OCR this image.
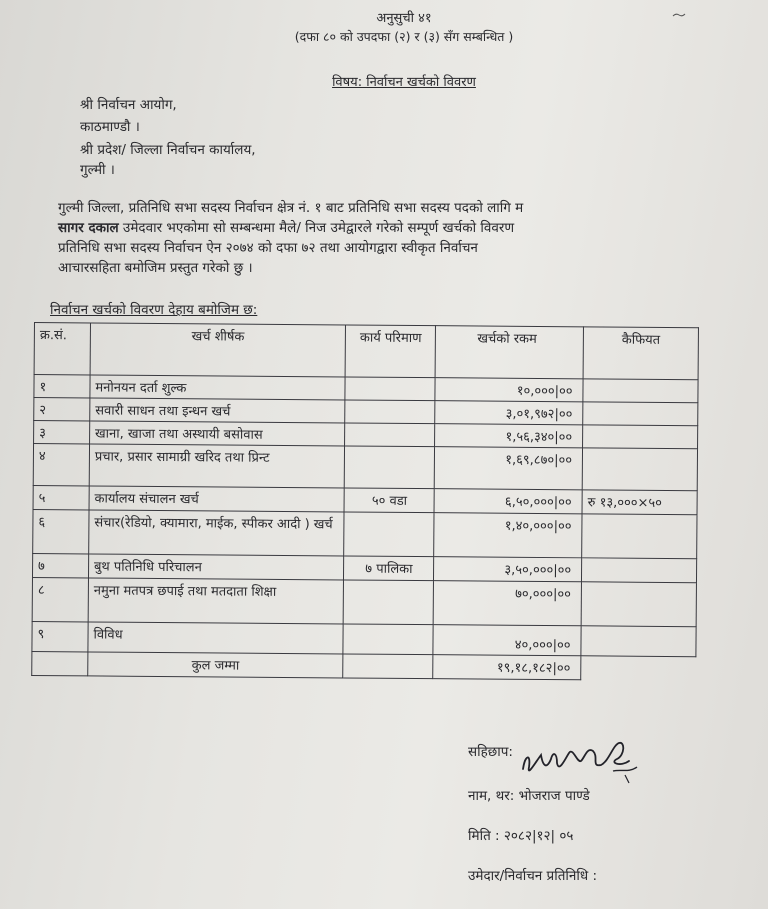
अनुसुची ४१
(दफा ८० को उपदफा (२) र (३) सँग सम्बन्धित )
विषय: निर्वाचन खर्चको विवरण
श्री निर्वाचन आयोग,
काठमाण्डौ ।
श्री प्रदेश/ जिल्ला निर्वाचन कार्यालय,
गुल्मी ।
गुल्मी जिल्ला, प्रतिनिधि सभा सदस्य निर्वाचन क्षेत्र नं. १ बाट प्रतिनिधि सभा सदस्य पदको लागि म
सागर दकाल उमेदवार भएकोमा सो सम्बन्धमा मैले/ निज उमेद्वारले गरेको सम्पूर्ण खर्चको विवरण
प्रतिनिधि सभा सदस्य निर्वाचन ऐन २०७४ को दफा ७२ तथा आयोगद्वारा स्वीकृत निर्वाचन
आचारसहिता बमोजिम प्रस्तुत गरेको छु ।
निर्वाचन खर्चको विवरण देहाय बमोजिम छ:
क्र.सं.	खर्च शीर्षक	कार्य परिमाण	खर्चको रकम	कैफियत
१	मनोनयन दर्ता शुल्क		१०,०००|००	
२	सवारी साधन तथा इन्धन खर्च		३,०१,९७२|००	
३	खाना, खाजा तथा अस्थायी बसोवास		१,५६,३४०|००	
४	प्रचार, प्रसार सामाग्री खरिद तथा प्रिन्ट		१,६९,८७०|००	
५	कार्यालय संचालन खर्च	५० वडा	६,५०,०००|००	रु १३,०००×५०
६	संचार(रेडियो, क्यामारा, माईक, स्पीकर आदी ) खर्च		१,४०,०००|००	
७	बुथ पतिनिधि परिचालन	७ पालिका	३,५०,०००|००	
८	नमुना मतपत्र छपाई तथा मतदाता शिक्षा		७०,०००|००	
९	विविध		४०,०००|००	
	कुल जम्मा		१९,१८,१८२|००	
सहिछाप:
नाम, थर: भोजराज पाण्डे
मिति : २०८२|१२| ०५
उमेदार/निर्वाचन प्रतिनिधि :
